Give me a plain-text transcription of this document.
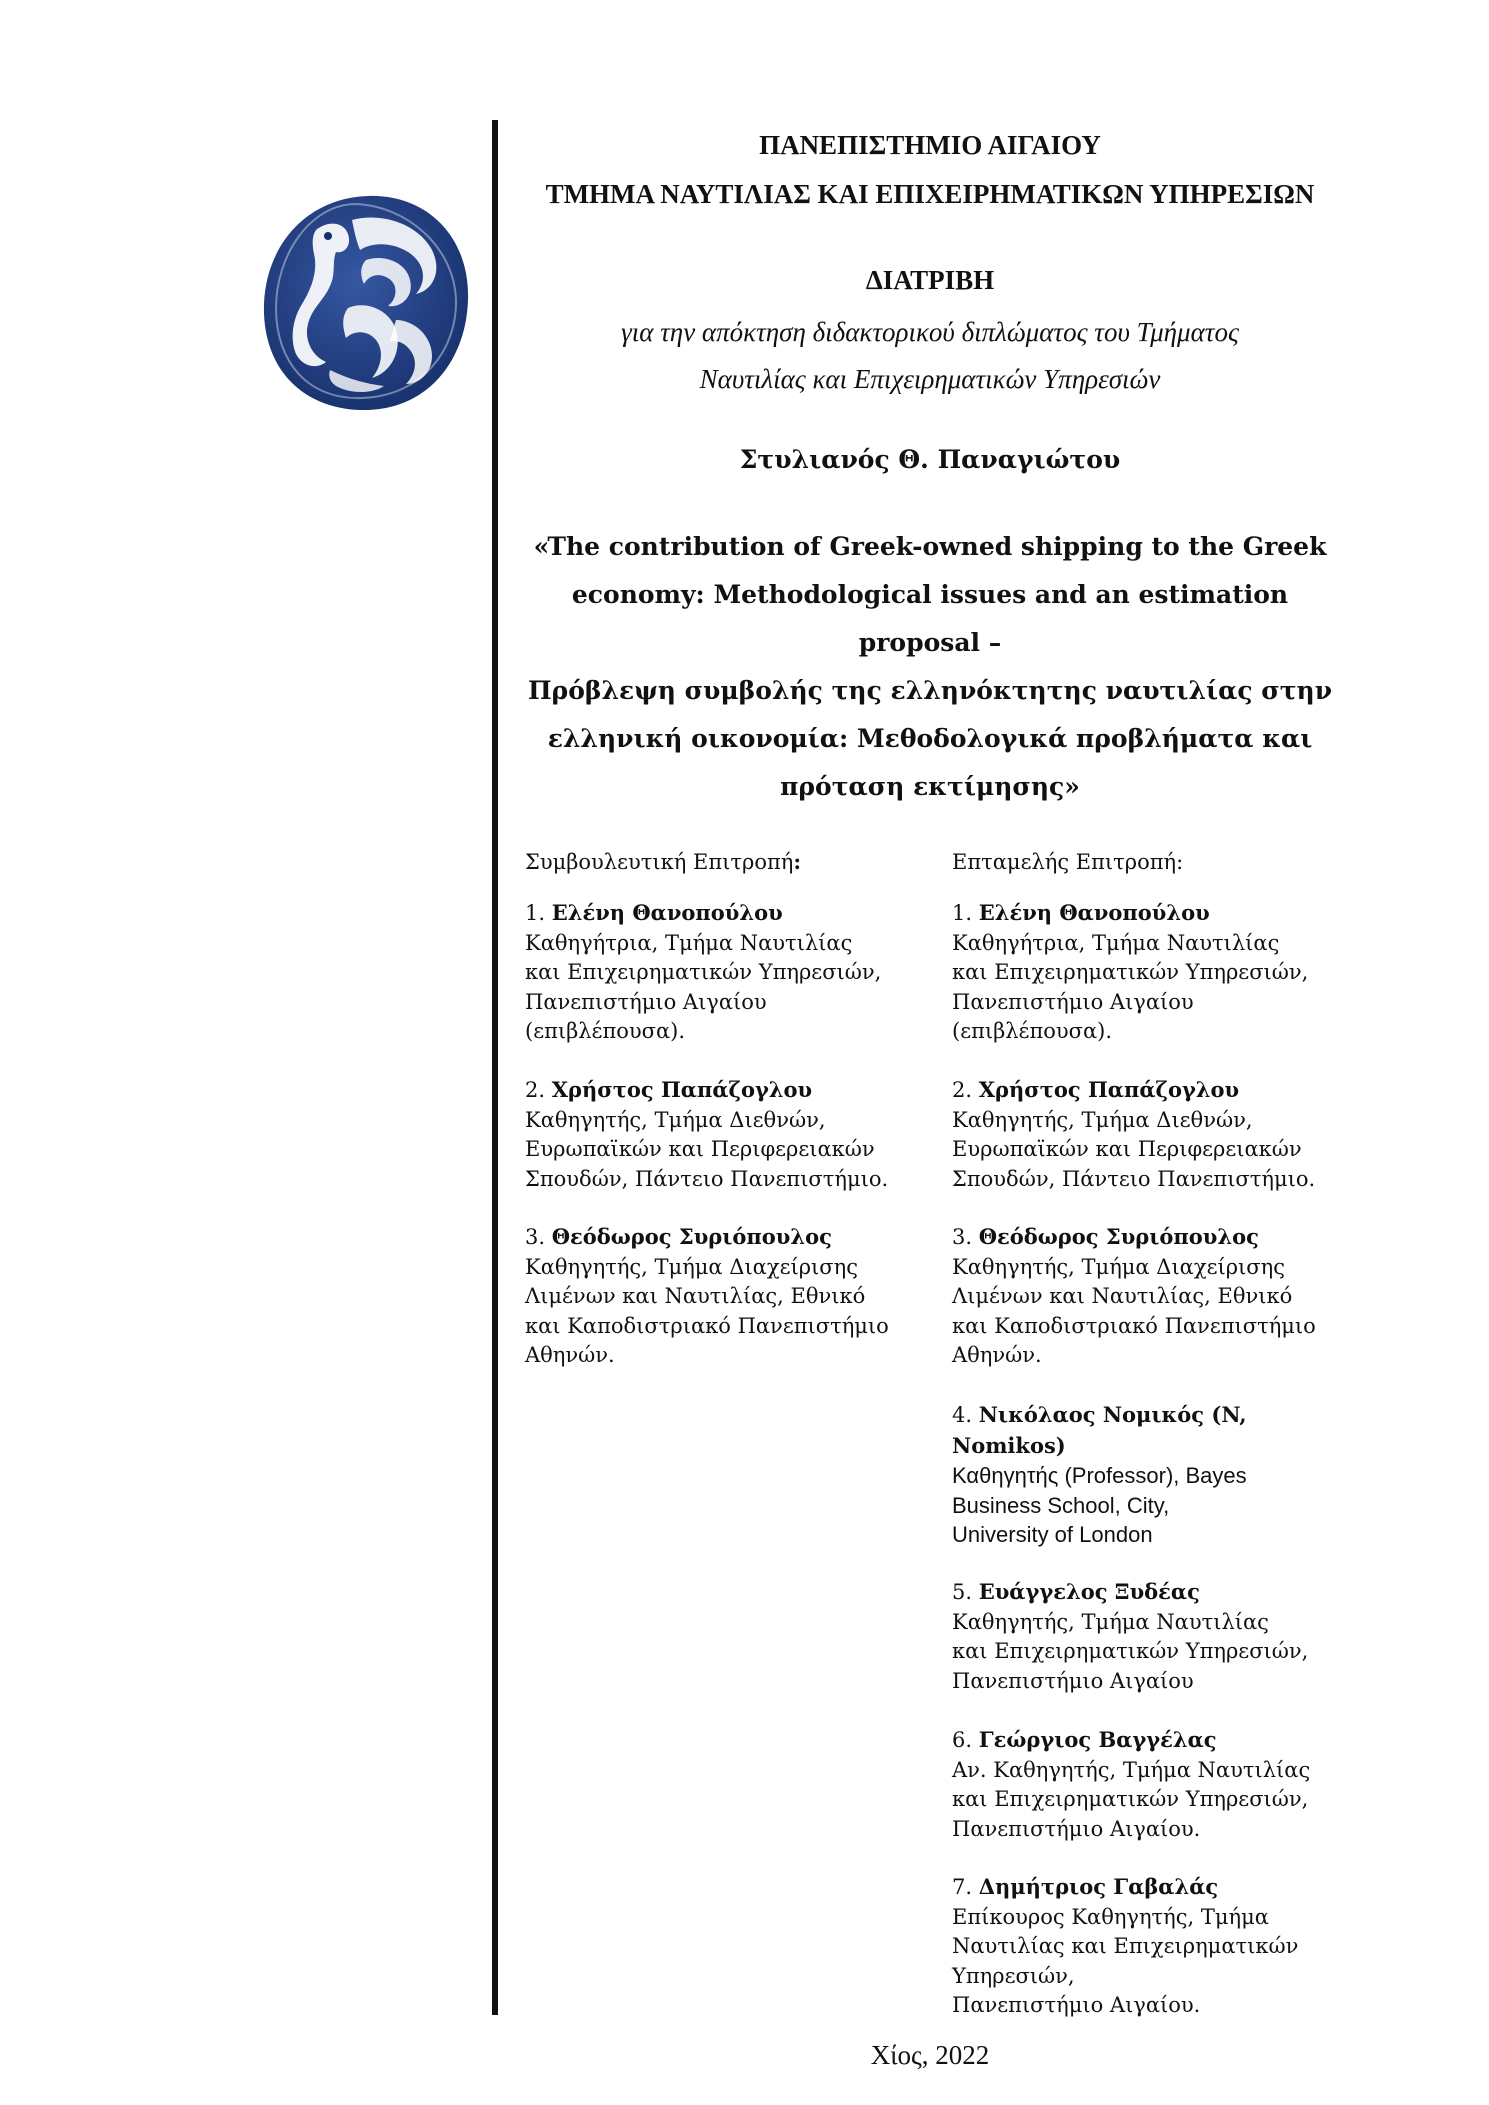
ΠΑΝΕΠΙΣΤΗΜΙΟ ΑΙΓΑΙΟΥ
ΤΜΗΜΑ ΝΑΥΤΙΛΙΑΣ ΚΑΙ ΕΠΙΧΕΙΡΗΜΑΤΙΚΩΝ ΥΠΗΡΕΣΙΩΝ
ΔΙΑΤΡΙΒΗ
για την απόκτηση διδακτορικού διπλώματος του Τμήματος
Ναυτιλίας και Επιχειρηματικών Υπηρεσιών
Στυλιανός Θ. Παναγιώτου
«The contribution of Greek-owned shipping to the Greek
economy: Methodological issues and an estimation
proposal –
Πρόβλεψη συμβολής της ελληνόκτητης ναυτιλίας στην
ελληνική οικονομία: Μεθοδολογικά προβλήματα και
πρόταση εκτίμησης»
Συμβουλευτική Επιτροπή:	Επταμελής Επιτροπή:
1. Ελένη Θανοπούλου
Καθηγήτρια, Τμήμα Ναυτιλίας
και Επιχειρηματικών Υπηρεσιών,
Πανεπιστήμιο Αιγαίου
(επιβλέπουσα).
2. Χρήστος Παπάζογλου
Καθηγητής, Τμήμα Διεθνών,
Ευρωπαϊκών και Περιφερειακών
Σπουδών, Πάντειο Πανεπιστήμιο.
3. Θεόδωρος Συριόπουλος
Καθηγητής, Τμήμα Διαχείρισης
Λιμένων και Ναυτιλίας, Εθνικό
και Καποδιστριακό Πανεπιστήμιο
Αθηνών.
1. Ελένη Θανοπούλου
Καθηγήτρια, Τμήμα Ναυτιλίας
και Επιχειρηματικών Υπηρεσιών,
Πανεπιστήμιο Αιγαίου
(επιβλέπουσα).
2. Χρήστος Παπάζογλου
Καθηγητής, Τμήμα Διεθνών,
Ευρωπαϊκών και Περιφερειακών
Σπουδών, Πάντειο Πανεπιστήμιο.
3. Θεόδωρος Συριόπουλος
Καθηγητής, Τμήμα Διαχείρισης
Λιμένων και Ναυτιλίας, Εθνικό
και Καποδιστριακό Πανεπιστήμιο
Αθηνών.
4. Νικόλαος Νομικός (N,
Nomikos)
Καθηγητής (Professor), Bayes
Business School, City,
University of London
5. Ευάγγελος Ξυδέας
Καθηγητής, Τμήμα Ναυτιλίας
και Επιχειρηματικών Υπηρεσιών,
Πανεπιστήμιο Αιγαίου
6. Γεώργιος Βαγγέλας
Αν. Καθηγητής, Τμήμα Ναυτιλίας
και Επιχειρηματικών Υπηρεσιών,
Πανεπιστήμιο Αιγαίου.
7. Δημήτριος Γαβαλάς
Επίκουρος Καθηγητής, Τμήμα
Ναυτιλίας και Επιχειρηματικών
Υπηρεσιών,
Πανεπιστήμιο Αιγαίου.
Χίος, 2022
